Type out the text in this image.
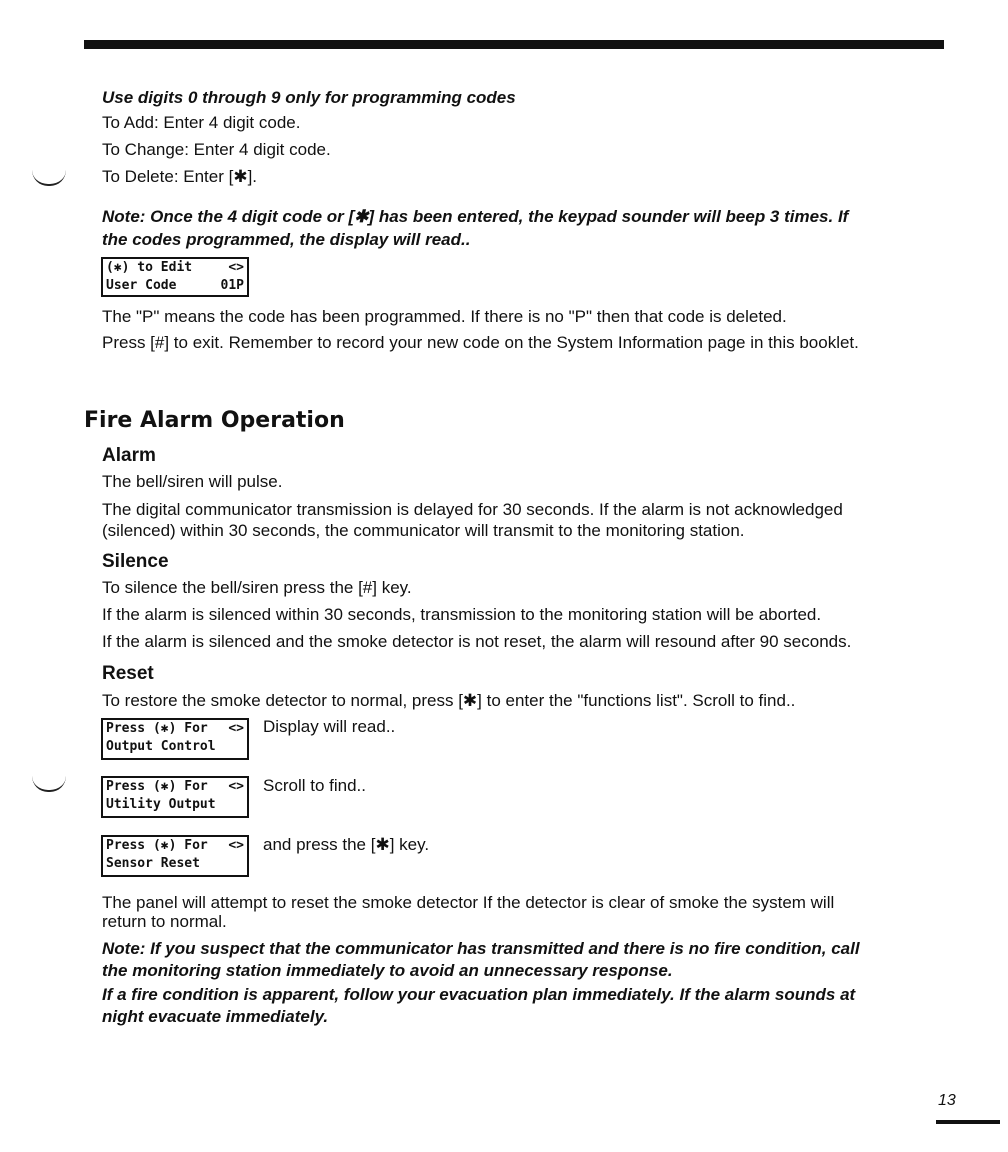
Use digits 0 through 9 only for programming codes
To Add: Enter 4 digit code.
To Change: Enter 4 digit code.
To Delete: Enter [✱].
Note: Once the 4 digit code or [✱] has been entered, the keypad sounder will beep 3 times. If
the codes programmed, the display will read..
(✱) to Edit	<>
User Code	01P
The "P" means the code has been programmed. If there is no "P" then that code is deleted.
Press [#] to exit. Remember to record your new code on the System Information page in this booklet.
Fire Alarm Operation
Alarm
The bell/siren will pulse.
The digital communicator transmission is delayed for 30 seconds. If the alarm is not acknowledged
(silenced) within 30 seconds, the communicator will transmit to the monitoring station.
Silence
To silence the bell/siren press the [#] key.
If the alarm is silenced within 30 seconds, transmission to the monitoring station will be aborted.
If the alarm is silenced and the smoke detector is not reset, the alarm will resound after 90 seconds.
Reset
To restore the smoke detector to normal, press [✱] to enter the "functions list". Scroll to find..
Press (✱) For <>
Output Control
Display will read..
Press (✱) For <>
Utility Output
Scroll to find..
Press (✱) For <>
Sensor Reset
and press the [✱] key.
The panel will attempt to reset the smoke detector If the detector is clear of smoke the system will
return to normal.
Note: If you suspect that the communicator has transmitted and there is no fire condition, call
the monitoring station immediately to avoid an unnecessary response.
If a fire condition is apparent, follow your evacuation plan immediately. If the alarm sounds at
night evacuate immediately.
13
